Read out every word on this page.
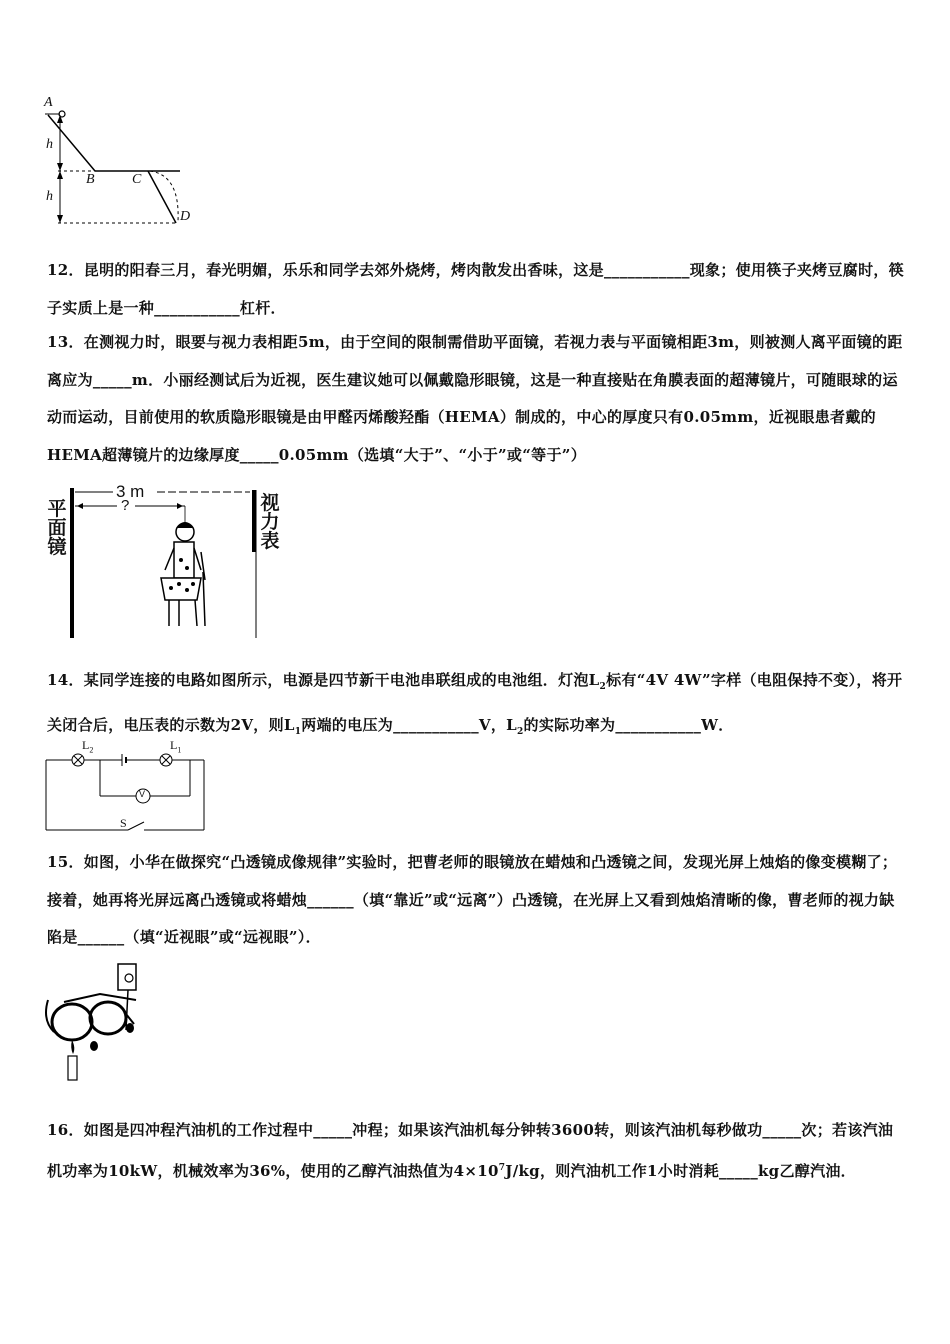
A
h
h
B	C
D
12．昆明的阳春三月，春光明媚，乐乐和同学去郊外烧烤，烤肉散发出香味，这是___________现象；使用筷子夹烤豆腐时，筷子实质上是一种___________杠杆．
13．在测视力时，眼要与视力表相距5m，由于空间的限制需借助平面镜，若视力表与平面镜相距3m，则被测人离平面镜的距离应为_____m．小丽经测试后为近视，医生建议她可以佩戴隐形眼镜，这是一种直接贴在角膜表面的超薄镜片，可随眼球的运动而运动，目前使用的软质隐形眼镜是由甲醛丙烯酸羟酯（HEMA）制成的，中心的厚度只有0.05mm，近视眼患者戴的HEMA超薄镜片的边缘厚度_____0.05mm（选填“大于”、“小于”或“等于”）
3 m
?
平
面
镜
视
力
表
14．某同学连接的电路如图所示，电源是四节新干电池串联组成的电池组．灯泡$L_2$标有“4V 4W”字样（电阻保持不变），将开关闭合后，电压表的示数为2V，则$L_1$两端的电压为___________V，$L_2$的实际功率为___________W．
$L_2$	$L_1$
V
S
15．如图，小华在做探究“凸透镜成像规律”实验时，把曹老师的眼镜放在蜡烛和凸透镜之间，发现光屏上烛焰的像变模糊了；接着，她再将光屏远离凸透镜或将蜡烛______（填“靠近”或“远离”）凸透镜，在光屏上又看到烛焰清晰的像，曹老师的视力缺陷是______（填“近视眼”或“远视眼”）．
16．如图是四冲程汽油机的工作过程中_____冲程；如果该汽油机每分钟转3600转，则该汽油机每秒做功_____次；若该汽油机功率为10kW，机械效率为36%，使用的乙醇汽油热值为$4\times 10^7J/kg$，则汽油机工作1小时消耗_____kg乙醇汽油．
